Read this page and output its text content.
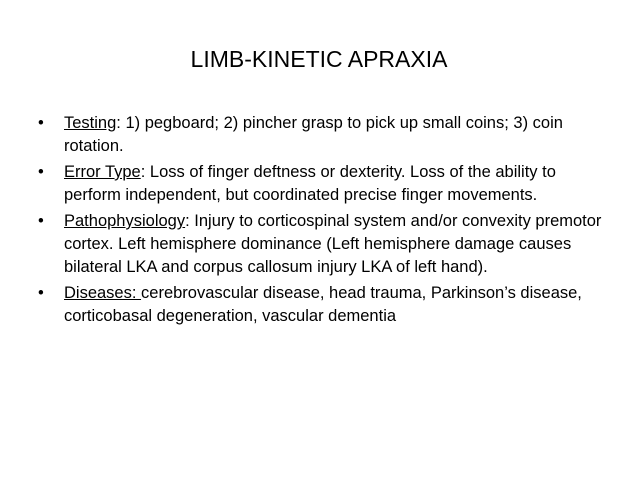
LIMB-KINETIC APRAXIA
• Testing: 1) pegboard; 2) pincher grasp to pick up small coins; 3) coin rotation.
• Error Type: Loss of finger deftness or dexterity. Loss of the ability to perform independent, but coordinated precise finger movements.
• Pathophysiology: Injury to corticospinal system and/or convexity premotor cortex. Left hemisphere dominance (Left hemisphere damage causes bilateral LKA and corpus callosum injury LKA of left hand).
• Diseases: cerebrovascular disease, head trauma, Parkinson’s disease, corticobasal degeneration, vascular dementia
